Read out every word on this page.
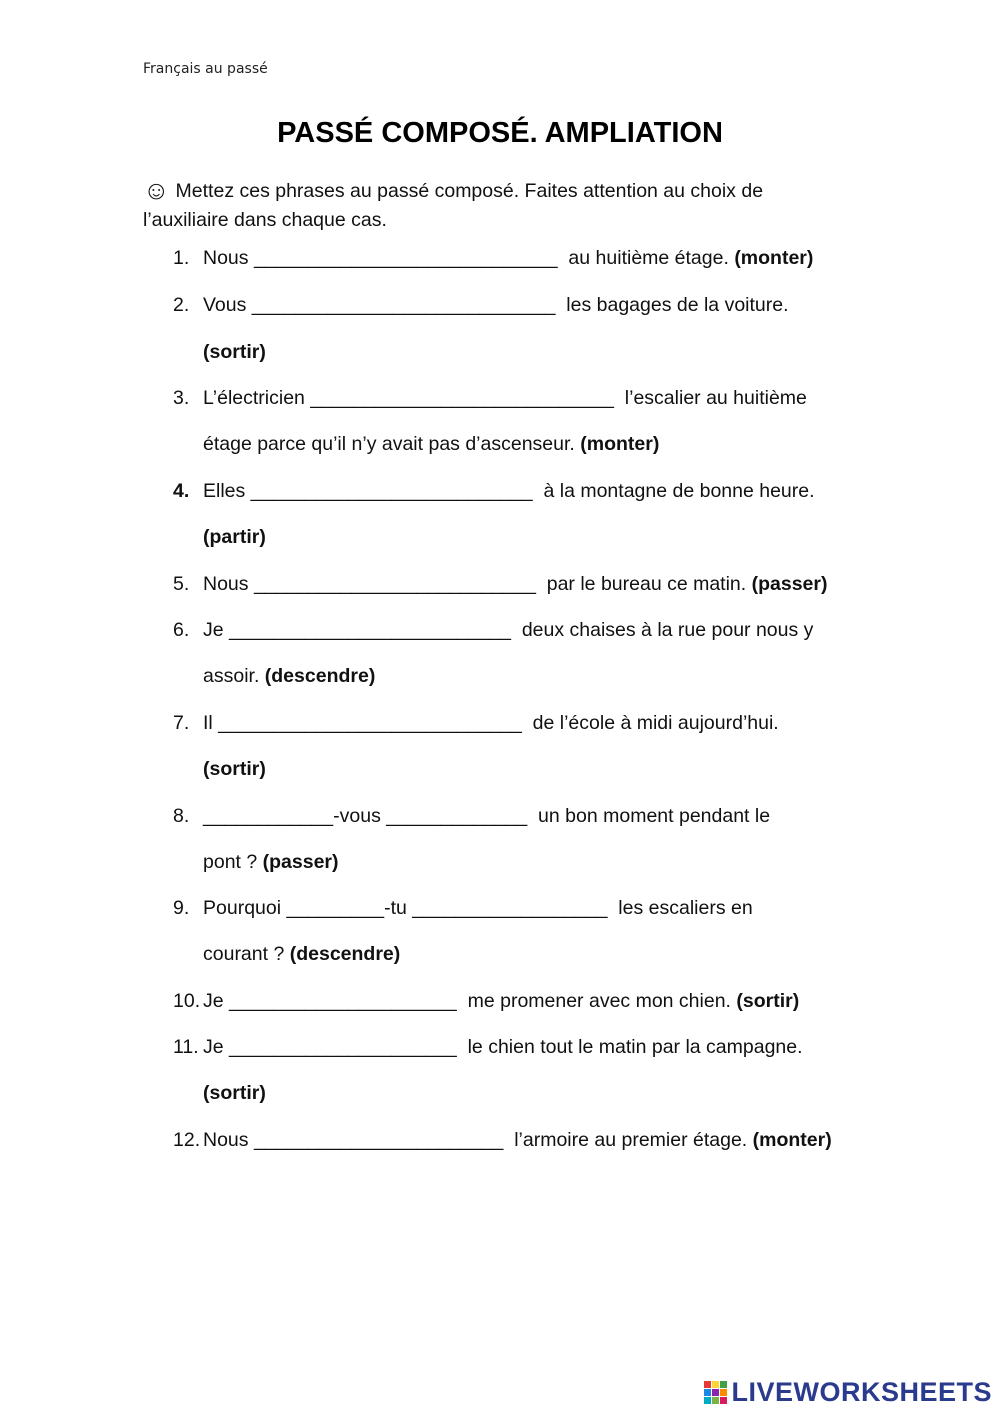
Français au passé
PASSÉ COMPOSÉ. AMPLIATION
☺ Mettez ces phrases au passé composé. Faites attention au choix de
l’auxiliaire dans chaque cas.
1. Nous ____________________________  au huitième étage. (monter)
2. Vous ____________________________  les bagages de la voiture.
(sortir)
3. L’électricien ____________________________  l’escalier au huitième
étage parce qu’il n’y avait pas d’ascenseur. (monter)
4. Elles __________________________  à la montagne de bonne heure.
(partir)
5. Nous __________________________  par le bureau ce matin. (passer)
6. Je __________________________  deux chaises à la rue pour nous y
assoir. (descendre)
7. Il ____________________________  de l’école à midi aujourd’hui.
(sortir)
8. ____________-vous _____________  un bon moment pendant le
pont ? (passer)
9. Pourquoi _________-tu __________________  les escaliers en
courant ? (descendre)
10. Je _____________________  me promener avec mon chien. (sortir)
11. Je _____________________  le chien tout le matin par la campagne.
(sortir)
12. Nous _______________________  l’armoire au premier étage. (monter)
LIVEWORKSHEETS
